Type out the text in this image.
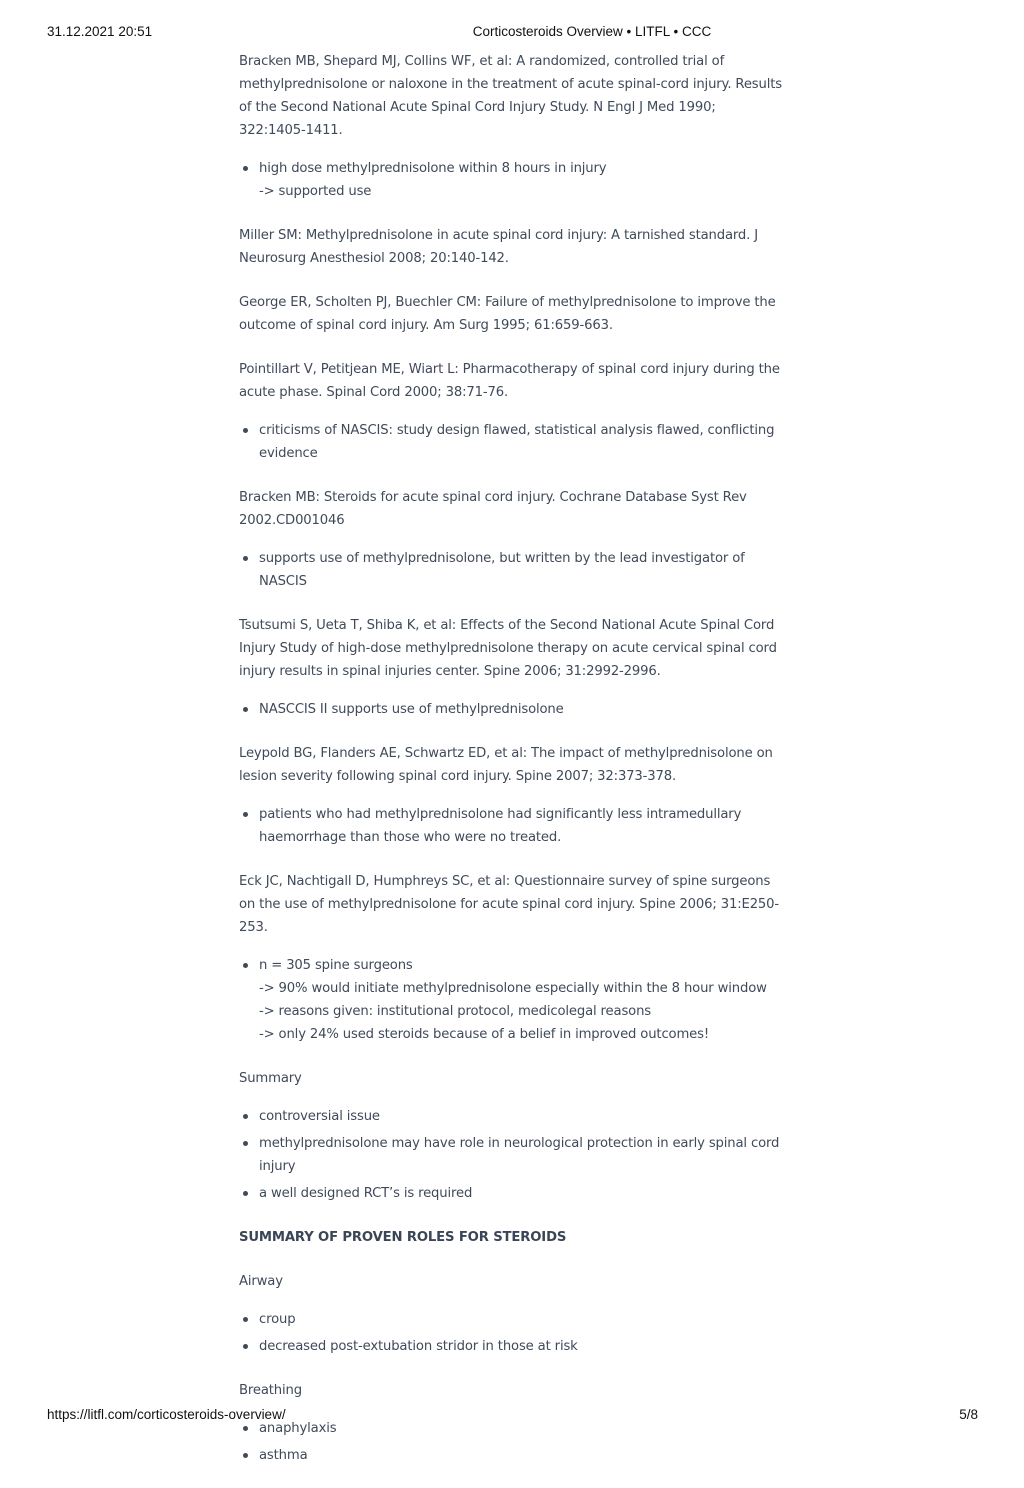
31.12.2021 20:51	Corticosteroids Overview • LITFL • CCC

Bracken MB, Shepard MJ, Collins WF, et al: A randomized, controlled trial of methylprednisolone or naloxone in the treatment of acute spinal-cord injury. Results of the Second National Acute Spinal Cord Injury Study. N Engl J Med 1990; 322:1405-1411.

high dose methylprednisolone within 8 hours in injury
-> supported use

Miller SM: Methylprednisolone in acute spinal cord injury: A tarnished standard. J Neurosurg Anesthesiol 2008; 20:140-142.

George ER, Scholten PJ, Buechler CM: Failure of methylprednisolone to improve the outcome of spinal cord injury. Am Surg 1995; 61:659-663.

Pointillart V, Petitjean ME, Wiart L: Pharmacotherapy of spinal cord injury during the acute phase. Spinal Cord 2000; 38:71-76.

criticisms of NASCIS: study design flawed, statistical analysis flawed, conflicting evidence

Bracken MB: Steroids for acute spinal cord injury. Cochrane Database Syst Rev 2002.CD001046

supports use of methylprednisolone, but written by the lead investigator of NASCIS

Tsutsumi S, Ueta T, Shiba K, et al: Effects of the Second National Acute Spinal Cord Injury Study of high-dose methylprednisolone therapy on acute cervical spinal cord injury results in spinal injuries center. Spine 2006; 31:2992-2996.

NASCCIS II supports use of methylprednisolone

Leypold BG, Flanders AE, Schwartz ED, et al: The impact of methylprednisolone on lesion severity following spinal cord injury. Spine 2007; 32:373-378.

patients who had methylprednisolone had significantly less intramedullary haemorrhage than those who were no treated.

Eck JC, Nachtigall D, Humphreys SC, et al: Questionnaire survey of spine surgeons on the use of methylprednisolone for acute spinal cord injury. Spine 2006; 31:E250-253.

n = 305 spine surgeons
-> 90% would initiate methylprednisolone especially within the 8 hour window
-> reasons given: institutional protocol, medicolegal reasons
-> only 24% used steroids because of a belief in improved outcomes!

Summary

controversial issue
methylprednisolone may have role in neurological protection in early spinal cord injury
a well designed RCT’s is required

SUMMARY OF PROVEN ROLES FOR STEROIDS

Airway

croup
decreased post-extubation stridor in those at risk

Breathing

anaphylaxis
asthma
https://litfl.com/corticosteroids-overview/	5/8
